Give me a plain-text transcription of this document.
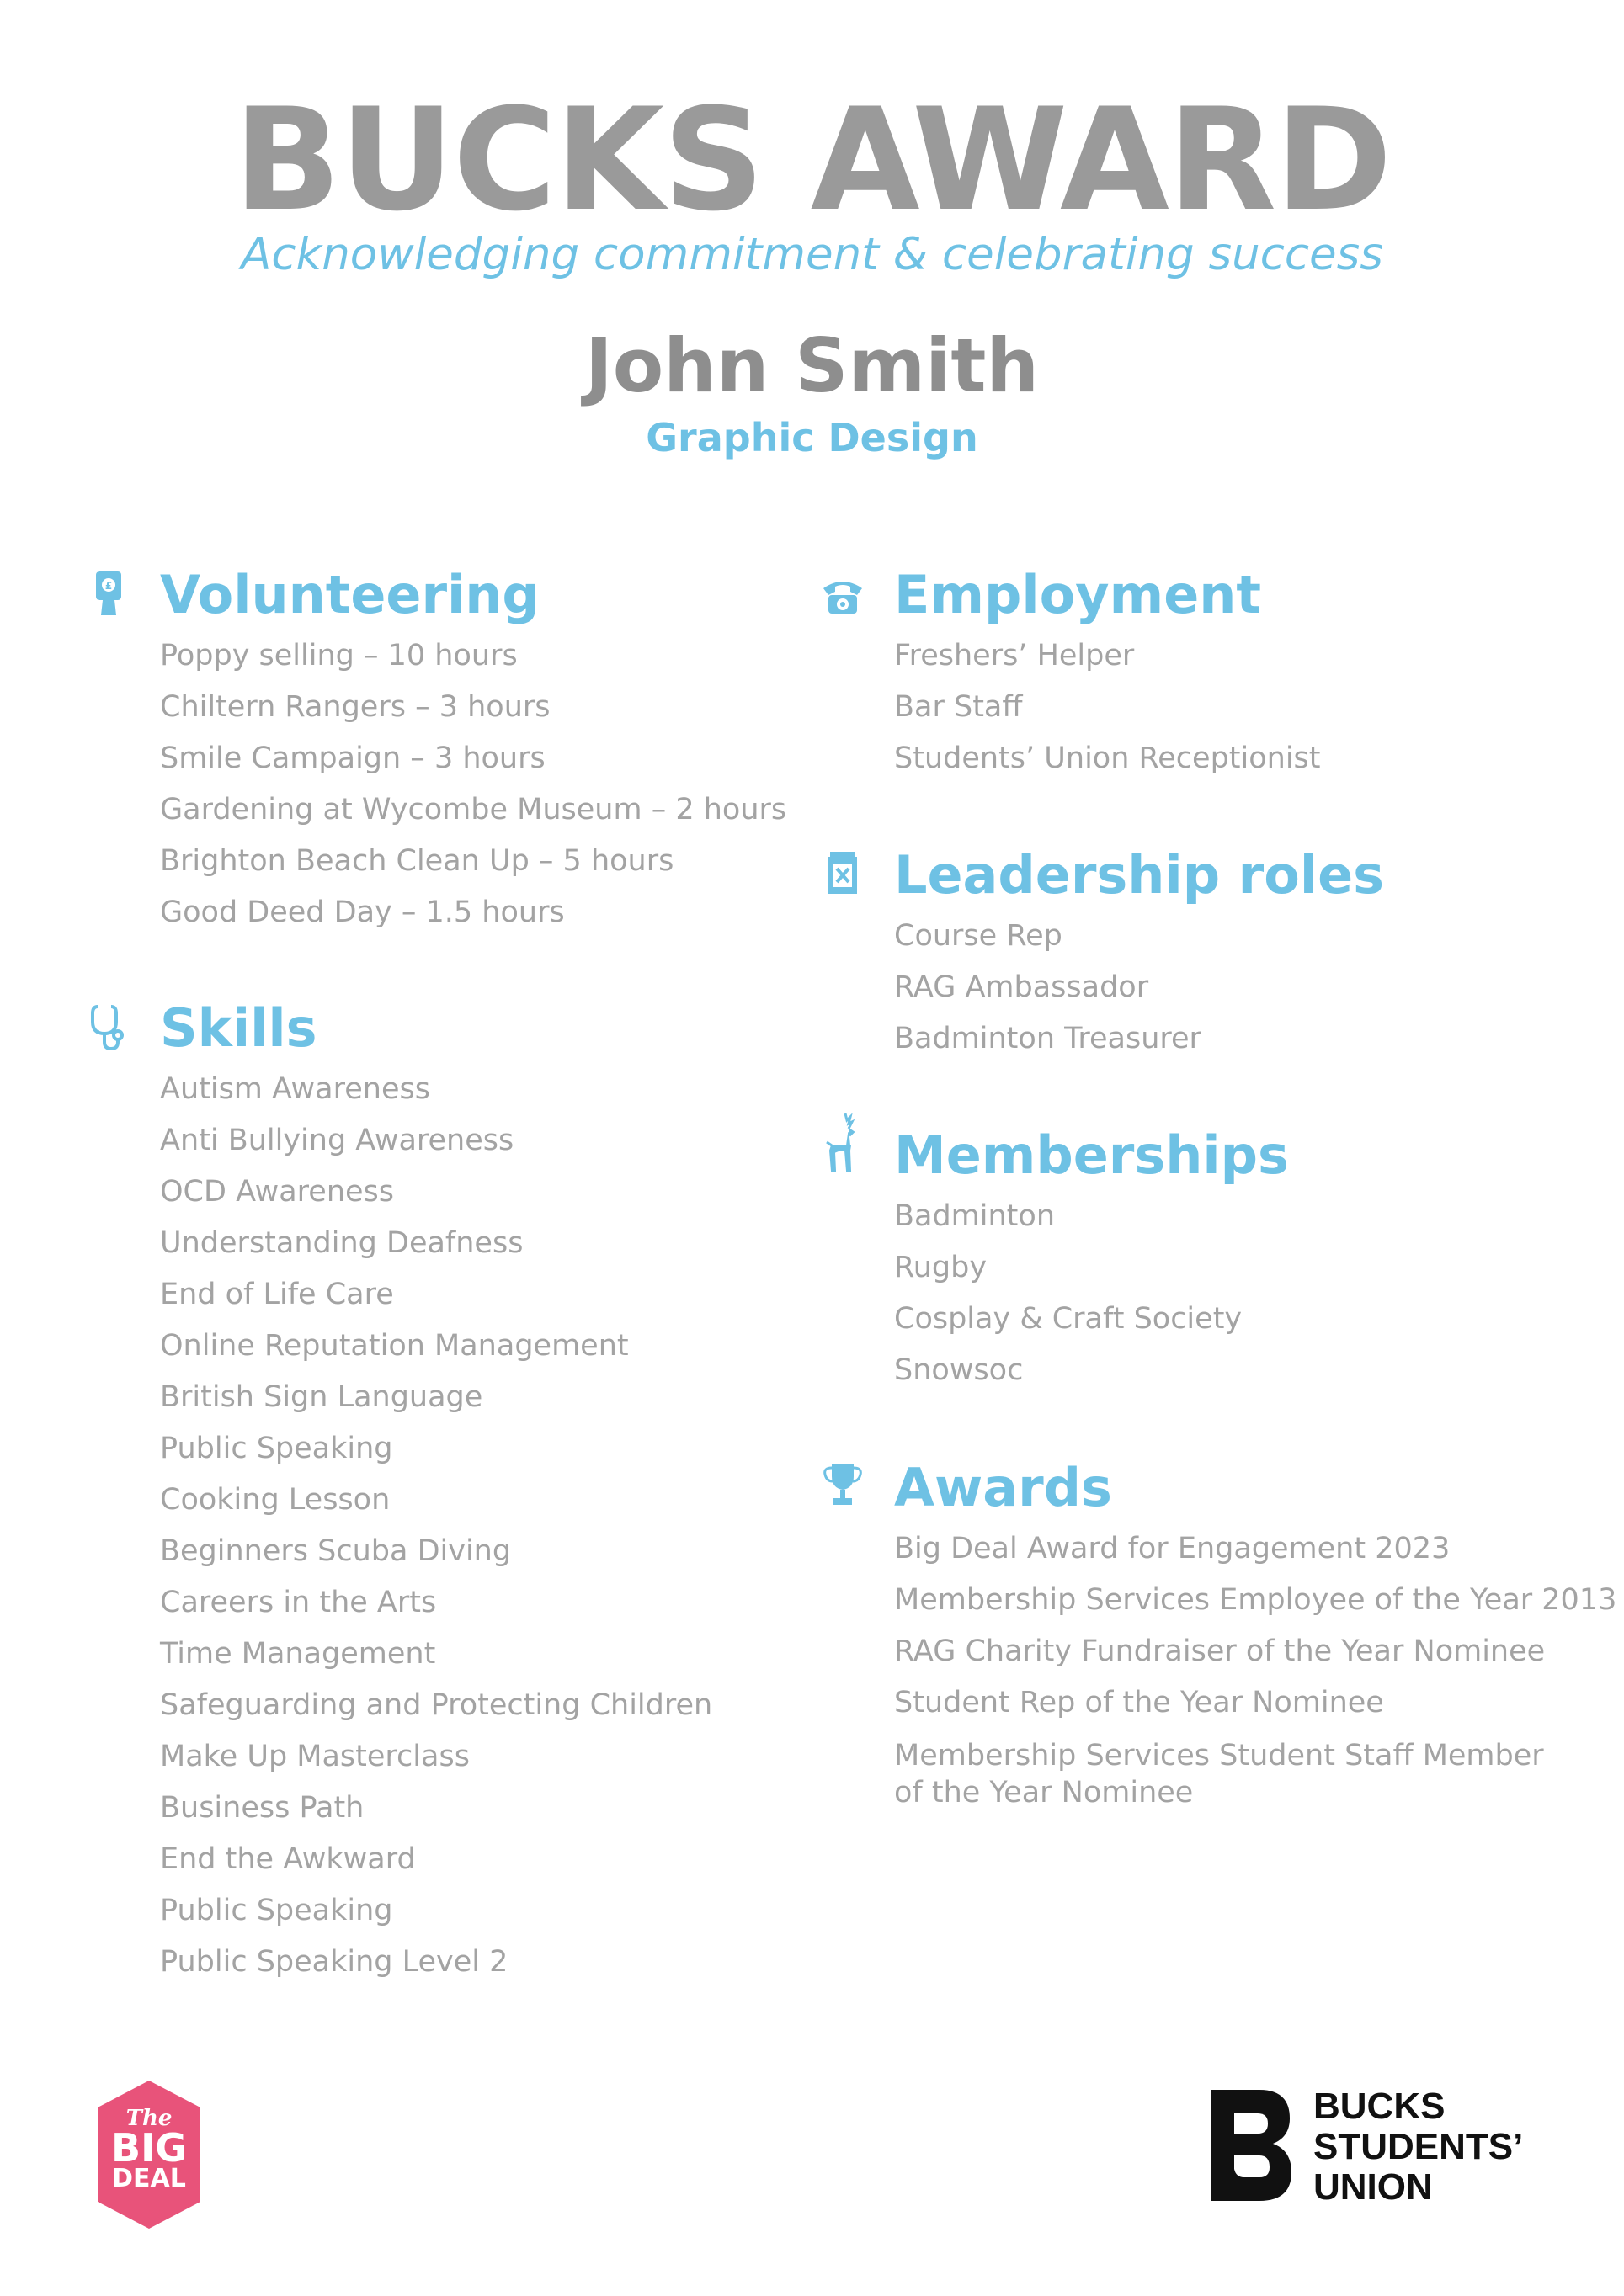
BUCKS AWARD
Acknowledging commitment & celebrating success
John Smith
Graphic Design
£ Volunteering
Poppy selling – 10 hours
Chiltern Rangers – 3 hours
Smile Campaign – 3 hours
Gardening at Wycombe Museum – 2 hours
Brighton Beach Clean Up – 5 hours
Good Deed Day – 1.5 hours
Skills
Autism Awareness
Anti Bullying Awareness
OCD Awareness
Understanding Deafness
End of Life Care
Online Reputation Management
British Sign Language
Public Speaking
Cooking Lesson
Beginners Scuba Diving
Careers in the Arts
Time Management
Safeguarding and Protecting Children
Make Up Masterclass
Business Path
End the Awkward
Public Speaking
Public Speaking Level 2
Employment
Freshers’ Helper
Bar Staff
Students’ Union Receptionist
Leadership roles
Course Rep
RAG Ambassador
Badminton Treasurer
Memberships
Badminton
Rugby
Cosplay & Craft Society
Snowsoc
Awards
Big Deal Award for Engagement 2023
Membership Services Employee of the Year 2013
RAG Charity Fundraiser of the Year Nominee
Student Rep of the Year Nominee
Membership Services Student Staff Member of the Year Nominee
The
BIG
DEAL
BUCKS
STUDENTS’
UNION
